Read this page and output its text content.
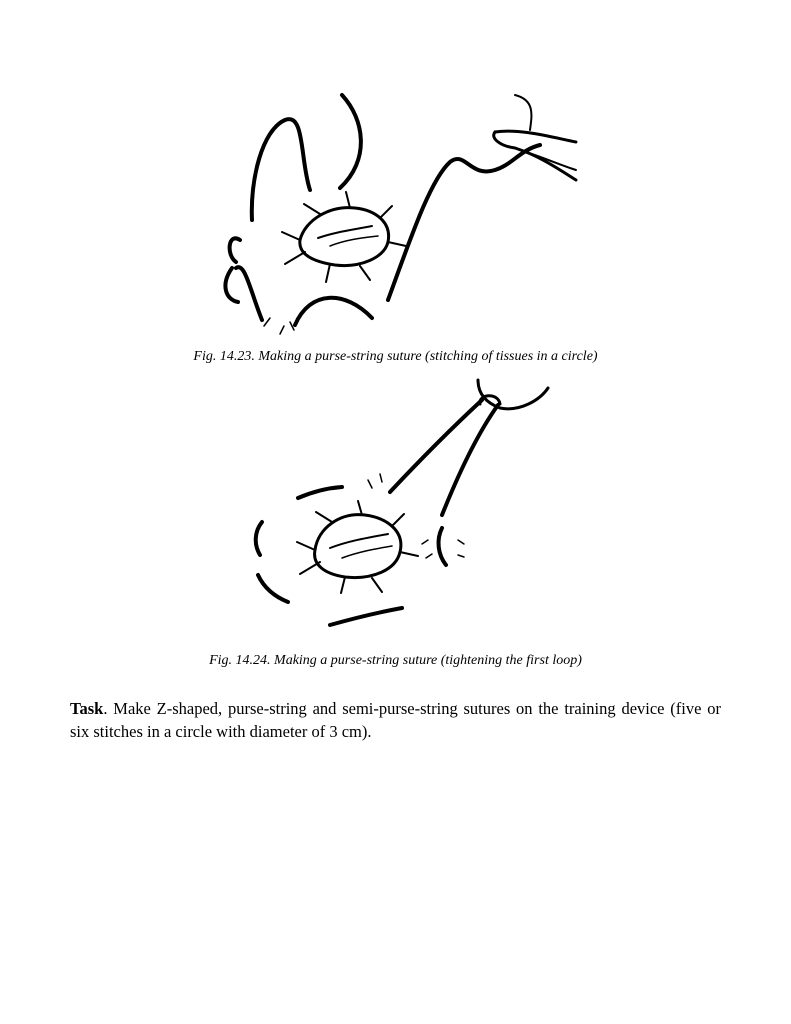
Fig. 14.23. Making a purse-string suture (stitching of tissues in a circle)
Fig. 14.24. Making a purse-string suture (tightening the first loop)

Task. Make Z-shaped, purse-string and semi-purse-string sutures on the training device (five or six stitches in a circle with diameter of 3 cm).
